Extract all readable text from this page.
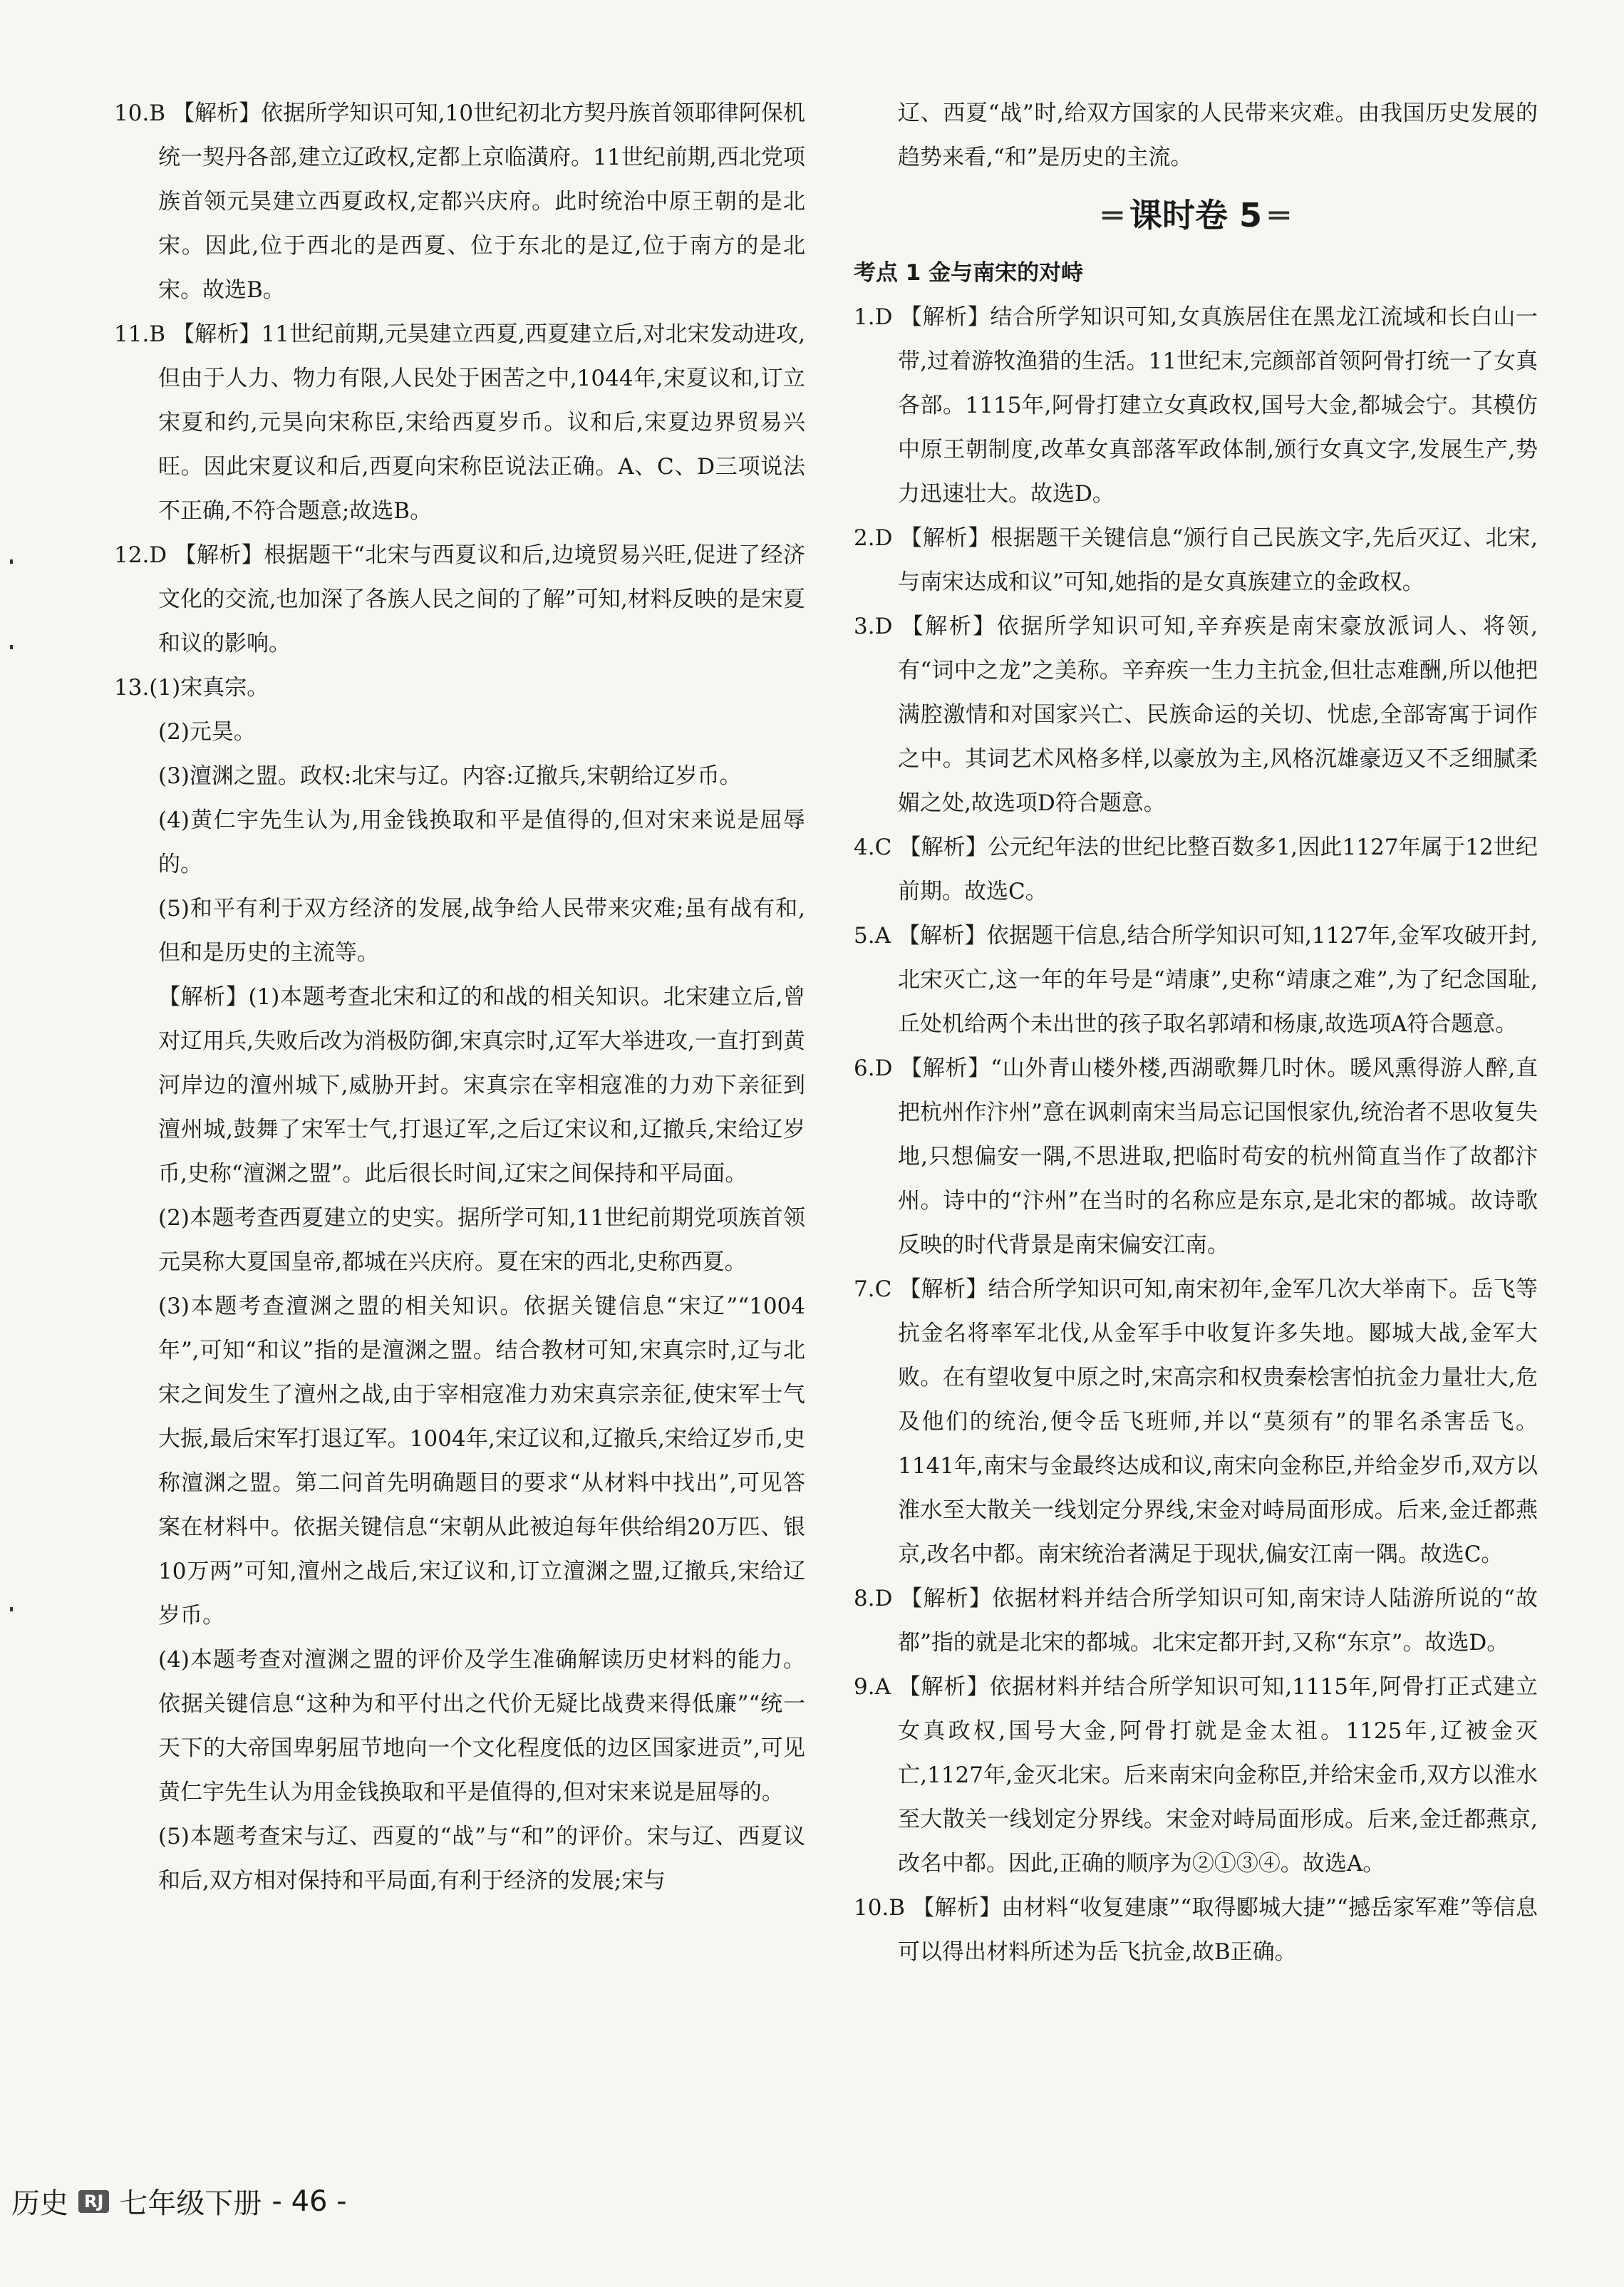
10.B 【解析】依据所学知识可知,10世纪初北方契丹族首领耶律阿保机统一契丹各部,建立辽政权,定都上京临潢府。11世纪前期,西北党项族首领元昊建立西夏政权,定都兴庆府。此时统治中原王朝的是北宋。因此,位于西北的是西夏、位于东北的是辽,位于南方的是北宋。故选B。

11.B 【解析】11世纪前期,元昊建立西夏,西夏建立后,对北宋发动进攻,但由于人力、物力有限,人民处于困苦之中,1044年,宋夏议和,订立宋夏和约,元昊向宋称臣,宋给西夏岁币。议和后,宋夏边界贸易兴旺。因此宋夏议和后,西夏向宋称臣说法正确。A、C、D三项说法不正确,不符合题意;故选B。

12.D 【解析】根据题干“北宋与西夏议和后,边境贸易兴旺,促进了经济文化的交流,也加深了各族人民之间的了解”可知,材料反映的是宋夏和议的影响。

13.(1)宋真宗。

(2)元昊。

(3)澶渊之盟。政权:北宋与辽。内容:辽撤兵,宋朝给辽岁币。

(4)黄仁宇先生认为,用金钱换取和平是值得的,但对宋来说是屈辱的。

(5)和平有利于双方经济的发展,战争给人民带来灾难;虽有战有和,但和是历史的主流等。

【解析】(1)本题考查北宋和辽的和战的相关知识。北宋建立后,曾对辽用兵,失败后改为消极防御,宋真宗时,辽军大举进攻,一直打到黄河岸边的澶州城下,威胁开封。宋真宗在宰相寇准的力劝下亲征到澶州城,鼓舞了宋军士气,打退辽军,之后辽宋议和,辽撤兵,宋给辽岁币,史称“澶渊之盟”。此后很长时间,辽宋之间保持和平局面。

(2)本题考查西夏建立的史实。据所学可知,11世纪前期党项族首领元昊称大夏国皇帝,都城在兴庆府。夏在宋的西北,史称西夏。

(3)本题考查澶渊之盟的相关知识。依据关键信息“宋辽”“1004年”,可知“和议”指的是澶渊之盟。结合教材可知,宋真宗时,辽与北宋之间发生了澶州之战,由于宰相寇准力劝宋真宗亲征,使宋军士气大振,最后宋军打退辽军。1004年,宋辽议和,辽撤兵,宋给辽岁币,史称澶渊之盟。第二问首先明确题目的要求“从材料中找出”,可见答案在材料中。依据关键信息“宋朝从此被迫每年供给绢20万匹、银10万两”可知,澶州之战后,宋辽议和,订立澶渊之盟,辽撤兵,宋给辽岁币。

(4)本题考查对澶渊之盟的评价及学生准确解读历史材料的能力。依据关键信息“这种为和平付出之代价无疑比战费来得低廉”“统一天下的大帝国卑躬屈节地向一个文化程度低的边区国家进贡”,可见黄仁宇先生认为用金钱换取和平是值得的,但对宋来说是屈辱的。

(5)本题考查宋与辽、西夏的“战”与“和”的评价。宋与辽、西夏议和后,双方相对保持和平局面,有利于经济的发展;宋与

辽、西夏“战”时,给双方国家的人民带来灾难。由我国历史发展的趋势来看,“和”是历史的主流。

═ 课时卷 5 ═

考点 1 金与南宋的对峙

1.D 【解析】结合所学知识可知,女真族居住在黑龙江流域和长白山一带,过着游牧渔猎的生活。11世纪末,完颜部首领阿骨打统一了女真各部。1115年,阿骨打建立女真政权,国号大金,都城会宁。其模仿中原王朝制度,改革女真部落军政体制,颁行女真文字,发展生产,势力迅速壮大。故选D。

2.D 【解析】根据题干关键信息“颁行自己民族文字,先后灭辽、北宋,与南宋达成和议”可知,她指的是女真族建立的金政权。

3.D 【解析】依据所学知识可知,辛弃疾是南宋豪放派词人、将领,有“词中之龙”之美称。辛弃疾一生力主抗金,但壮志难酬,所以他把满腔激情和对国家兴亡、民族命运的关切、忧虑,全部寄寓于词作之中。其词艺术风格多样,以豪放为主,风格沉雄豪迈又不乏细腻柔媚之处,故选项D符合题意。

4.C 【解析】公元纪年法的世纪比整百数多1,因此1127年属于12世纪前期。故选C。

5.A 【解析】依据题干信息,结合所学知识可知,1127年,金军攻破开封,北宋灭亡,这一年的年号是“靖康”,史称“靖康之难”,为了纪念国耻,丘处机给两个未出世的孩子取名郭靖和杨康,故选项A符合题意。

6.D 【解析】“山外青山楼外楼,西湖歌舞几时休。暖风熏得游人醉,直把杭州作汴州”意在讽刺南宋当局忘记国恨家仇,统治者不思收复失地,只想偏安一隅,不思进取,把临时苟安的杭州简直当作了故都汴州。诗中的“汴州”在当时的名称应是东京,是北宋的都城。故诗歌反映的时代背景是南宋偏安江南。

7.C 【解析】结合所学知识可知,南宋初年,金军几次大举南下。岳飞等抗金名将率军北伐,从金军手中收复许多失地。郾城大战,金军大败。在有望收复中原之时,宋高宗和权贵秦桧害怕抗金力量壮大,危及他们的统治,便令岳飞班师,并以“莫须有”的罪名杀害岳飞。1141年,南宋与金最终达成和议,南宋向金称臣,并给金岁币,双方以淮水至大散关一线划定分界线,宋金对峙局面形成。后来,金迁都燕京,改名中都。南宋统治者满足于现状,偏安江南一隅。故选C。

8.D 【解析】依据材料并结合所学知识可知,南宋诗人陆游所说的“故都”指的就是北宋的都城。北宋定都开封,又称“东京”。故选D。

9.A 【解析】依据材料并结合所学知识可知,1115年,阿骨打正式建立女真政权,国号大金,阿骨打就是金太祖。1125年,辽被金灭亡,1127年,金灭北宋。后来南宋向金称臣,并给宋金币,双方以淮水至大散关一线划定分界线。宋金对峙局面形成。后来,金迁都燕京,改名中都。因此,正确的顺序为②①③④。故选A。

10.B 【解析】由材料“收复建康”“取得郾城大捷”“撼岳家军难”等信息可以得出材料所述为岳飞抗金,故B正确。

历史 RJ 七年级下册 - 46 -
